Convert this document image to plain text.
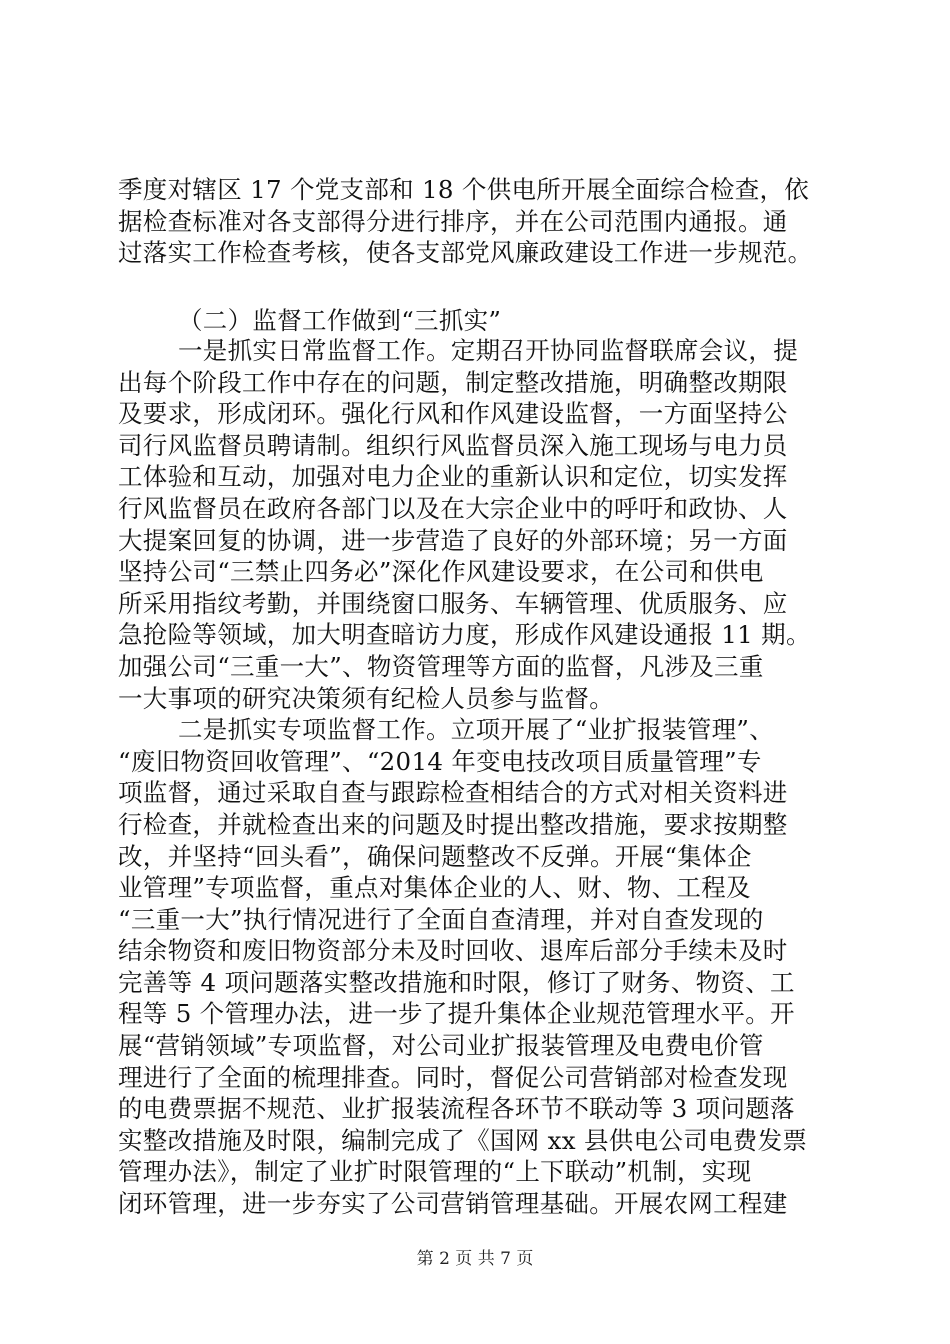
季度对辖区 17 个党支部和 18 个供电所开展全面综合检查，依
据检查标准对各支部得分进行排序，并在公司范围内通报。通
过落实工作检查考核，使各支部党风廉政建设工作进一步规范。
（二）监督工作做到“三抓实”
一是抓实日常监督工作。定期召开协同监督联席会议，提
出每个阶段工作中存在的问题，制定整改措施，明确整改期限
及要求，形成闭环。强化行风和作风建设监督，一方面坚持公
司行风监督员聘请制。组织行风监督员深入施工现场与电力员
工体验和互动，加强对电力企业的重新认识和定位，切实发挥
行风监督员在政府各部门以及在大宗企业中的呼吁和政协、人
大提案回复的协调，进一步营造了良好的外部环境；另一方面
坚持公司“三禁止四务必”深化作风建设要求，在公司和供电
所采用指纹考勤，并围绕窗口服务、车辆管理、优质服务、应
急抢险等领域，加大明查暗访力度，形成作风建设通报 11 期。
加强公司“三重一大”、物资管理等方面的监督，凡涉及三重
一大事项的研究决策须有纪检人员参与监督。
二是抓实专项监督工作。立项开展了“业扩报装管理”、
“废旧物资回收管理”、“2014 年变电技改项目质量管理”专
项监督，通过采取自查与跟踪检查相结合的方式对相关资料进
行检查，并就检查出来的问题及时提出整改措施，要求按期整
改，并坚持“回头看”，确保问题整改不反弹。开展“集体企
业管理”专项监督，重点对集体企业的人、财、物、工程及
“三重一大”执行情况进行了全面自查清理，并对自查发现的
结余物资和废旧物资部分未及时回收、退库后部分手续未及时
完善等 4 项问题落实整改措施和时限，修订了财务、物资、工
程等 5 个管理办法，进一步了提升集体企业规范管理水平。开
展“营销领域”专项监督，对公司业扩报装管理及电费电价管
理进行了全面的梳理排查。同时，督促公司营销部对检查发现
的电费票据不规范、业扩报装流程各环节不联动等 3 项问题落
实整改措施及时限，编制完成了《国网 xx 县供电公司电费发票
管理办法》，制定了业扩时限管理的“上下联动”机制，实现
闭环管理，进一步夯实了公司营销管理基础。开展农网工程建
第 2 页 共 7 页
